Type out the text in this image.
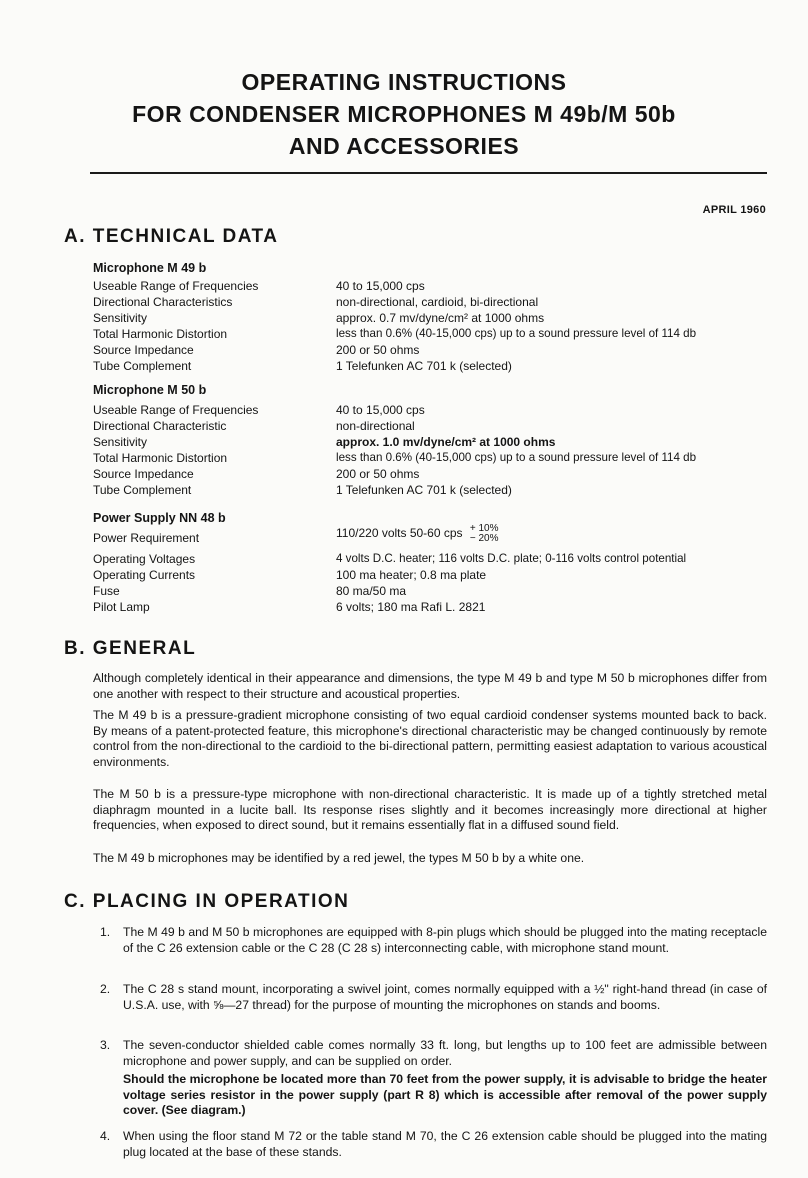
OPERATING INSTRUCTIONS
FOR CONDENSER MICROPHONES M 49b/M 50b
AND ACCESSORIES
APRIL 1960
A. TECHNICAL DATA
Microphone M 49 b
Useable Range of Frequencies	40 to 15,000 cps
Directional Characteristics	non-directional, cardioid, bi-directional
Sensitivity	approx. 0.7 mv/dyne/cm² at 1000 ohms
Total Harmonic Distortion	less than 0.6% (40-15,000 cps) up to a sound pressure level of 114 db
Source Impedance	200 or 50 ohms
Tube Complement	1 Telefunken AC 701 k (selected)
Microphone M 50 b
Useable Range of Frequencies	40 to 15,000 cps
Directional Characteristic	non-directional
Sensitivity	approx. 1.0 mv/dyne/cm² at 1000 ohms
Total Harmonic Distortion	less than 0.6% (40-15,000 cps) up to a sound pressure level of 114 db
Source Impedance	200 or 50 ohms
Tube Complement	1 Telefunken AC 701 k (selected)
Power Supply NN 48 b
Power Requirement	110/220 volts 50-60 cps + 10%
− 20%
Operating Voltages	4 volts D.C. heater; 116 volts D.C. plate; 0-116 volts control potential
Operating Currents	100 ma heater; 0.8 ma plate
Fuse	80 ma/50 ma
Pilot Lamp	6 volts; 180 ma Rafi L. 2821
B. GENERAL
Although completely identical in their appearance and dimensions, the type M 49 b and type M 50 b microphones differ from one another with respect to their structure and acoustical properties.
The M 49 b is a pressure-gradient microphone consisting of two equal cardioid condenser systems mounted back to back. By means of a patent-protected feature, this microphone's directional characteristic may be changed continuously by remote control from the non-directional to the cardioid to the bi-directional pattern, permitting easiest adaptation to various acoustical environments.
The M 50 b is a pressure-type microphone with non-directional characteristic. It is made up of a tightly stretched metal diaphragm mounted in a lucite ball. Its response rises slightly and it becomes increasingly more directional at higher frequencies, when exposed to direct sound, but it remains essentially flat in a diffused sound field.
The M 49 b microphones may be identified by a red jewel, the types M 50 b by a white one.
C. PLACING IN OPERATION
1. The M 49 b and M 50 b microphones are equipped with 8-pin plugs which should be plugged into the mating receptacle of the C 26 extension cable or the C 28 (C 28 s) interconnecting cable, with microphone stand mount.
2. The C 28 s stand mount, incorporating a swivel joint, comes normally equipped with a ½" right-hand thread (in case of U.S.A. use, with ⅝—27 thread) for the purpose of mounting the microphones on stands and booms.
3. The seven-conductor shielded cable comes normally 33 ft. long, but lengths up to 100 feet are admissible between microphone and power supply, and can be supplied on order.
Should the microphone be located more than 70 feet from the power supply, it is advisable to bridge the heater voltage series resistor in the power supply (part R 8) which is accessible after removal of the power supply cover. (See diagram.)
4. When using the floor stand M 72 or the table stand M 70, the C 26 extension cable should be plugged into the mating plug located at the base of these stands.
